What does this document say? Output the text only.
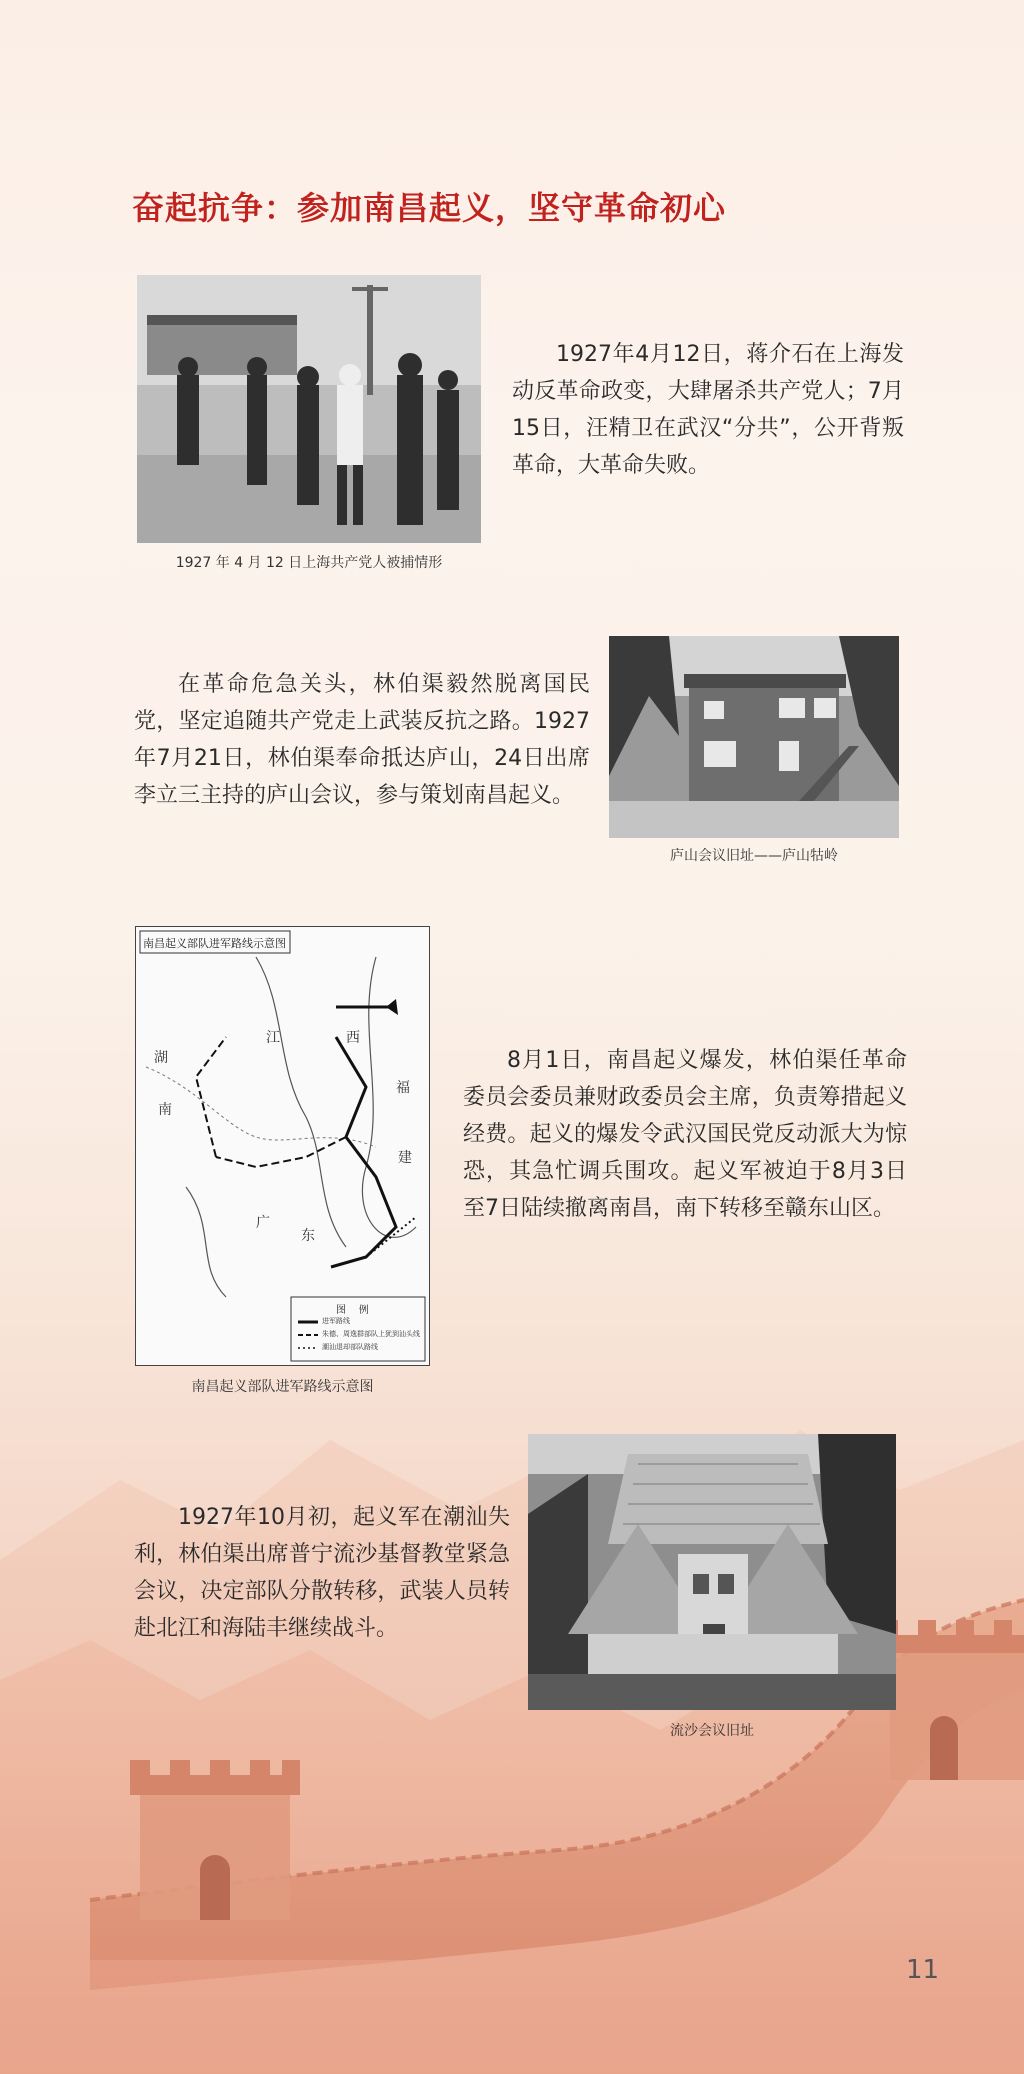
奋起抗争：参加南昌起义，坚守革命初心
1927 年 4 月 12 日上海共产党人被捕情形
1927年4月12日，蒋介石在上海发动反革命政变，大肆屠杀共产党人；7月15日，汪精卫在武汉“分共”，公开背叛革命，大革命失败。
在革命危急关头，林伯渠毅然脱离国民党，坚定追随共产党走上武装反抗之路。1927年7月21日，林伯渠奉命抵达庐山，24日出席李立三主持的庐山会议，参与策划南昌起义。
庐山会议旧址——庐山牯岭
南昌起义部队进军路线示意图
湖
南
江	西
福
建
广
东
图    例
进军路线
朱德、周逸群部队上犹到汕头线
潮汕退却部队路线
南昌起义部队进军路线示意图
8月1日，南昌起义爆发，林伯渠任革命委员会委员兼财政委员会主席，负责筹措起义经费。起义的爆发令武汉国民党反动派大为惊恐，其急忙调兵围攻。起义军被迫于8月3日至7日陆续撤离南昌，南下转移至赣东山区。
1927年10月初，起义军在潮汕失利，林伯渠出席普宁流沙基督教堂紧急会议，决定部队分散转移，武装人员转赴北江和海陆丰继续战斗。
流沙会议旧址
11
